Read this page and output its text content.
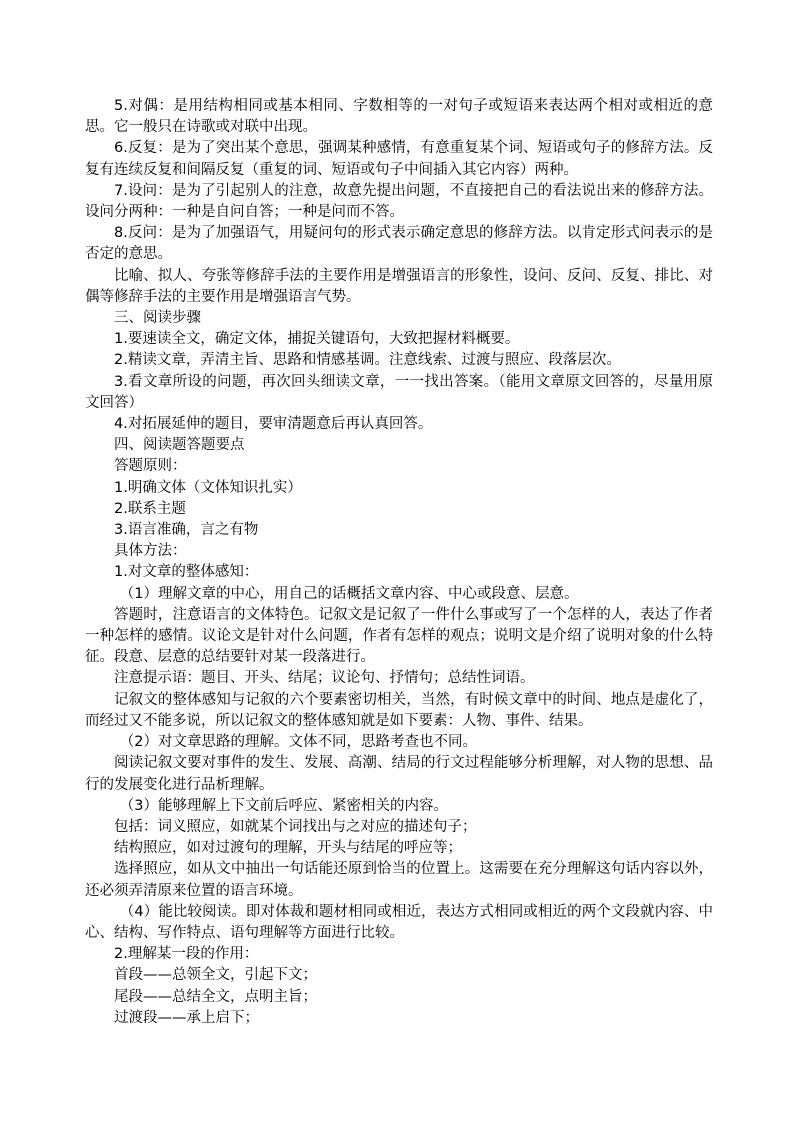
5.对偶：是用结构相同或基本相同、字数相等的一对句子或短语来表达两个相对或相近的意思。它一般只在诗歌或对联中出现。

6.反复：是为了突出某个意思，强调某种感情，有意重复某个词、短语或句子的修辞方法。反复有连续反复和间隔反复（重复的词、短语或句子中间插入其它内容）两种。

7.设问：是为了引起别人的注意，故意先提出问题，不直接把自己的看法说出来的修辞方法。设问分两种：一种是自问自答；一种是问而不答。

8.反问：是为了加强语气，用疑问句的形式表示确定意思的修辞方法。以肯定形式问表示的是否定的意思。

比喻、拟人、夸张等修辞手法的主要作用是增强语言的形象性，设问、反问、反复、排比、对偶等修辞手法的主要作用是增强语言气势。

三、阅读步骤

1.要速读全文，确定文体，捕捉关键语句，大致把握材料概要。

2.精读文章，弄清主旨、思路和情感基调。注意线索、过渡与照应、段落层次。

3.看文章所设的问题，再次回头细读文章，一一找出答案。（能用文章原文回答的，尽量用原文回答）

4.对拓展延伸的题目，要审清题意后再认真回答。

四、阅读题答题要点

答题原则：

1.明确文体（文体知识扎实）

2.联系主题

3.语言准确，言之有物

具体方法：

1.对文章的整体感知：

（1）理解文章的中心，用自己的话概括文章内容、中心或段意、层意。

答题时，注意语言的文体特色。记叙文是记叙了一件什么事或写了一个怎样的人，表达了作者一种怎样的感情。议论文是针对什么问题，作者有怎样的观点；说明文是介绍了说明对象的什么特征。段意、层意的总结要针对某一段落进行。

注意提示语：题目、开头、结尾；议论句、抒情句；总结性词语。

记叙文的整体感知与记叙的六个要素密切相关，当然，有时候文章中的时间、地点是虚化了，而经过又不能多说，所以记叙文的整体感知就是如下要素：人物、事件、结果。

（2）对文章思路的理解。文体不同，思路考查也不同。

阅读记叙文要对事件的发生、发展、高潮、结局的行文过程能够分析理解，对人物的思想、品行的发展变化进行品析理解。

（3）能够理解上下文前后呼应、紧密相关的内容。

包括：词义照应，如就某个词找出与之对应的描述句子；

结构照应，如对过渡句的理解，开头与结尾的呼应等；

选择照应，如从文中抽出一句话能还原到恰当的位置上。这需要在充分理解这句话内容以外，还必须弄清原来位置的语言环境。

（4）能比较阅读。即对体裁和题材相同或相近，表达方式相同或相近的两个文段就内容、中心、结构、写作特点、语句理解等方面进行比较。

2.理解某一段的作用：

首段——总领全文，引起下文；

尾段——总结全文，点明主旨；

过渡段——承上启下；
